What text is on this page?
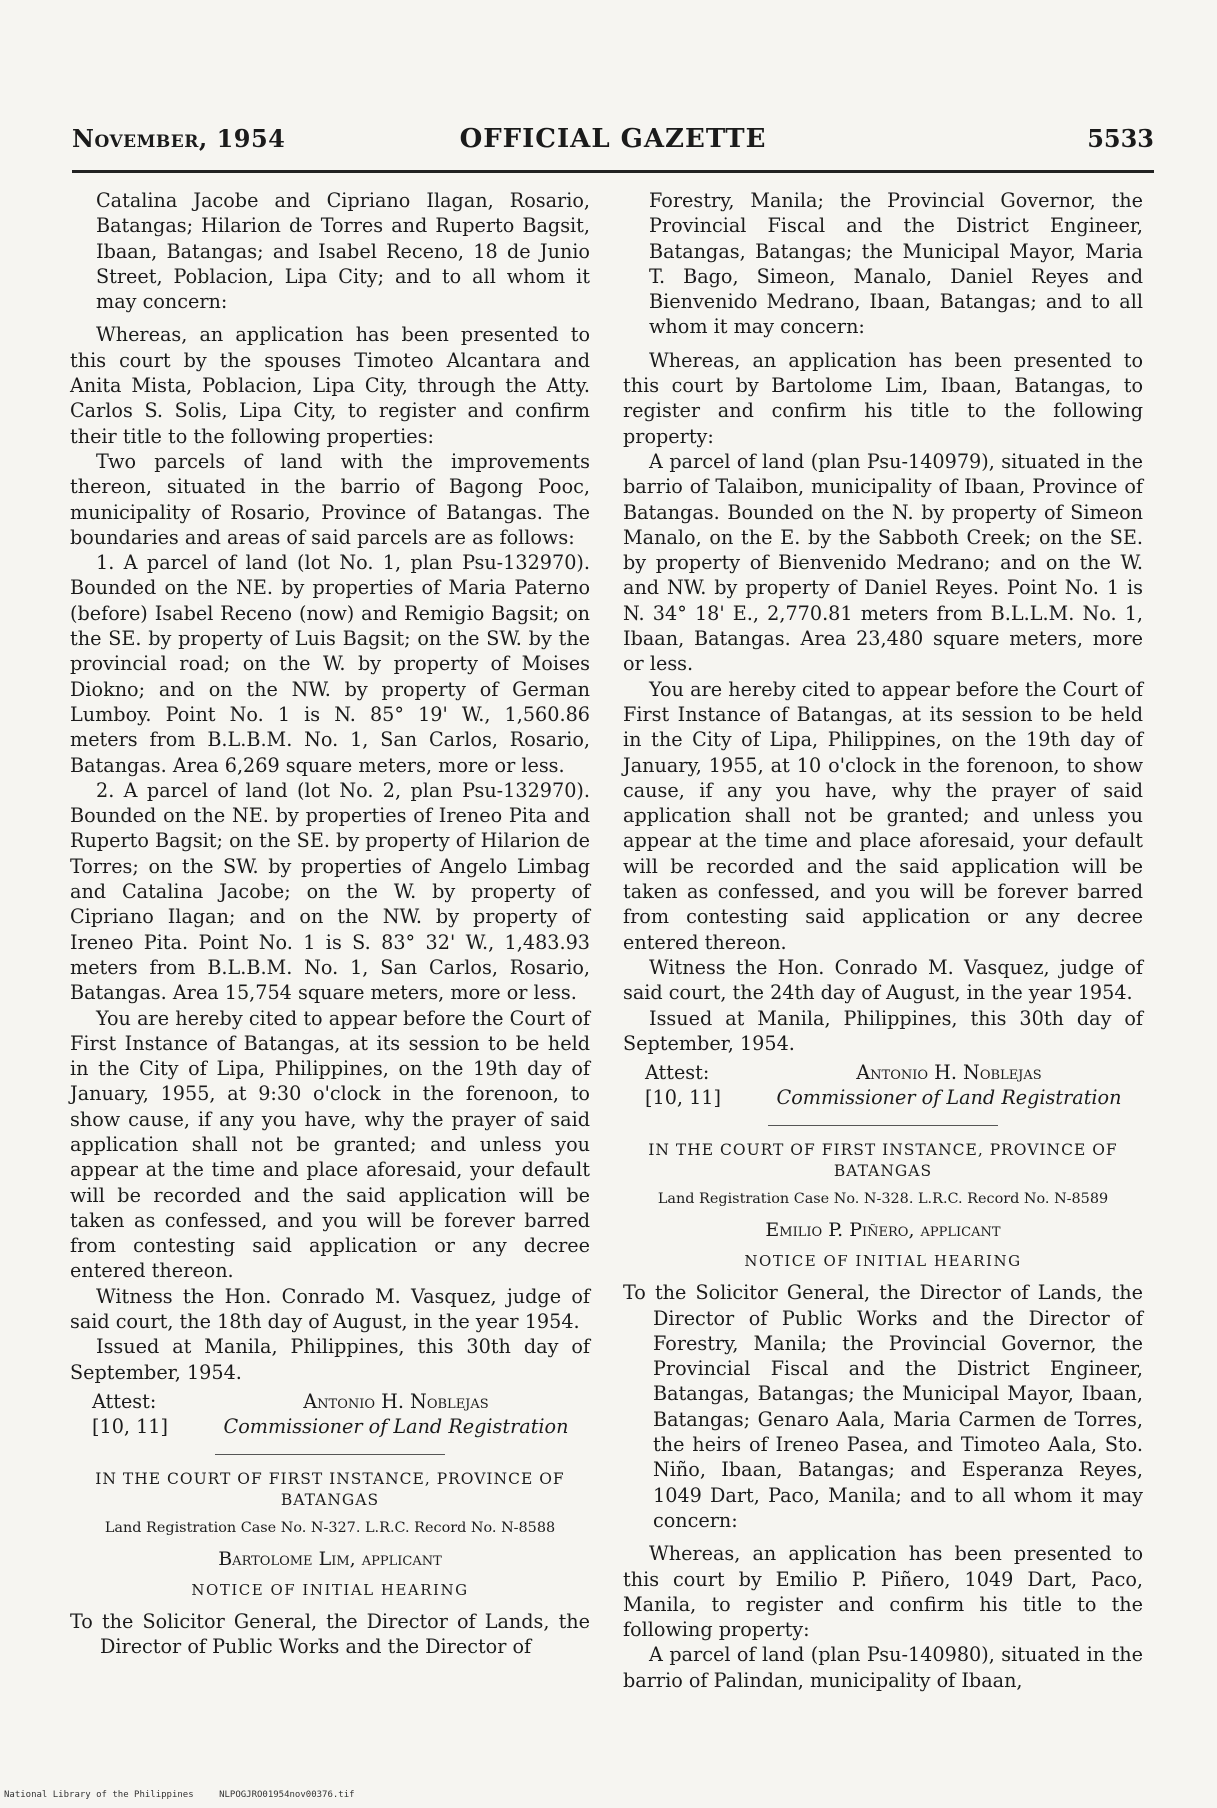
November, 1954	OFFICIAL GAZETTE	5533

Catalina Jacobe and Cipriano Ilagan, Rosario, Batangas; Hilarion de Torres and Ruperto Bagsit, Ibaan, Batangas; and Isabel Receno, 18 de Junio Street, Poblacion, Lipa City; and to all whom it may concern:

Whereas, an application has been presented to this court by the spouses Timoteo Alcantara and Anita Mista, Poblacion, Lipa City, through the Atty. Carlos S. Solis, Lipa City, to register and confirm their title to the following properties:

Two parcels of land with the improvements thereon, situated in the barrio of Bagong Pooc, municipality of Rosario, Province of Batangas. The boundaries and areas of said parcels are as follows:

1. A parcel of land (lot No. 1, plan Psu-132970). Bounded on the NE. by properties of Maria Paterno (before) Isabel Receno (now) and Remigio Bagsit; on the SE. by property of Luis Bagsit; on the SW. by the provincial road; on the W. by property of Moises Diokno; and on the NW. by property of German Lumboy. Point No. 1 is N. 85° 19' W., 1,560.86 meters from B.L.B.M. No. 1, San Carlos, Rosario, Batangas. Area 6,269 square meters, more or less.

2. A parcel of land (lot No. 2, plan Psu-132970). Bounded on the NE. by properties of Ireneo Pita and Ruperto Bagsit; on the SE. by property of Hilarion de Torres; on the SW. by properties of Angelo Limbag and Catalina Jacobe; on the W. by property of Cipriano Ilagan; and on the NW. by property of Ireneo Pita. Point No. 1 is S. 83° 32' W., 1,483.93 meters from B.L.B.M. No. 1, San Carlos, Rosario, Batangas. Area 15,754 square meters, more or less.

You are hereby cited to appear before the Court of First Instance of Batangas, at its session to be held in the City of Lipa, Philippines, on the 19th day of January, 1955, at 9:30 o'clock in the forenoon, to show cause, if any you have, why the prayer of said application shall not be granted; and unless you appear at the time and place aforesaid, your default will be recorded and the said application will be taken as confessed, and you will be forever barred from contesting said application or any decree entered thereon.

Witness the Hon. Conrado M. Vasquez, judge of said court, the 18th day of August, in the year 1954.

Issued at Manila, Philippines, this 30th day of September, 1954.

Attest:	Antonio H. Noblejas
[10, 11]	Commissioner of Land Registration
IN THE COURT OF FIRST INSTANCE, PROVINCE OF BATANGAS
Land Registration Case No. N-327. L.R.C. Record No. N-8588
Bartolome Lim, applicant
NOTICE OF INITIAL HEARING

To the Solicitor General, the Director of Lands, the Director of Public Works and the Director of

Forestry, Manila; the Provincial Governor, the Provincial Fiscal and the District Engineer, Batangas, Batangas; the Municipal Mayor, Maria T. Bago, Simeon, Manalo, Daniel Reyes and Bienvenido Medrano, Ibaan, Batangas; and to all whom it may concern:

Whereas, an application has been presented to this court by Bartolome Lim, Ibaan, Batangas, to register and confirm his title to the following property:

A parcel of land (plan Psu-140979), situated in the barrio of Talaibon, municipality of Ibaan, Province of Batangas. Bounded on the N. by property of Simeon Manalo, on the E. by the Sabboth Creek; on the SE. by property of Bienvenido Medrano; and on the W. and NW. by property of Daniel Reyes. Point No. 1 is N. 34° 18' E., 2,770.81 meters from B.L.L.M. No. 1, Ibaan, Batangas. Area 23,480 square meters, more or less.

You are hereby cited to appear before the Court of First Instance of Batangas, at its session to be held in the City of Lipa, Philippines, on the 19th day of January, 1955, at 10 o'clock in the forenoon, to show cause, if any you have, why the prayer of said application shall not be granted; and unless you appear at the time and place aforesaid, your default will be recorded and the said application will be taken as confessed, and you will be forever barred from contesting said application or any decree entered thereon.

Witness the Hon. Conrado M. Vasquez, judge of said court, the 24th day of August, in the year 1954.

Issued at Manila, Philippines, this 30th day of September, 1954.

Attest:	Antonio H. Noblejas
[10, 11]	Commissioner of Land Registration
IN THE COURT OF FIRST INSTANCE, PROVINCE OF BATANGAS
Land Registration Case No. N-328. L.R.C. Record No. N-8589
Emilio P. Piñero, applicant
NOTICE OF INITIAL HEARING

To the Solicitor General, the Director of Lands, the Director of Public Works and the Director of Forestry, Manila; the Provincial Governor, the Provincial Fiscal and the District Engineer, Batangas, Batangas; the Municipal Mayor, Ibaan, Batangas; Genaro Aala, Maria Carmen de Torres, the heirs of Ireneo Pasea, and Timoteo Aala, Sto. Niño, Ibaan, Batangas; and Esperanza Reyes, 1049 Dart, Paco, Manila; and to all whom it may concern:

Whereas, an application has been presented to this court by Emilio P. Piñero, 1049 Dart, Paco, Manila, to register and confirm his title to the following property:

A parcel of land (plan Psu-140980), situated in the barrio of Palindan, municipality of Ibaan,

National Library of the Philippines	NLPOGJRO01954nov00376.tif
